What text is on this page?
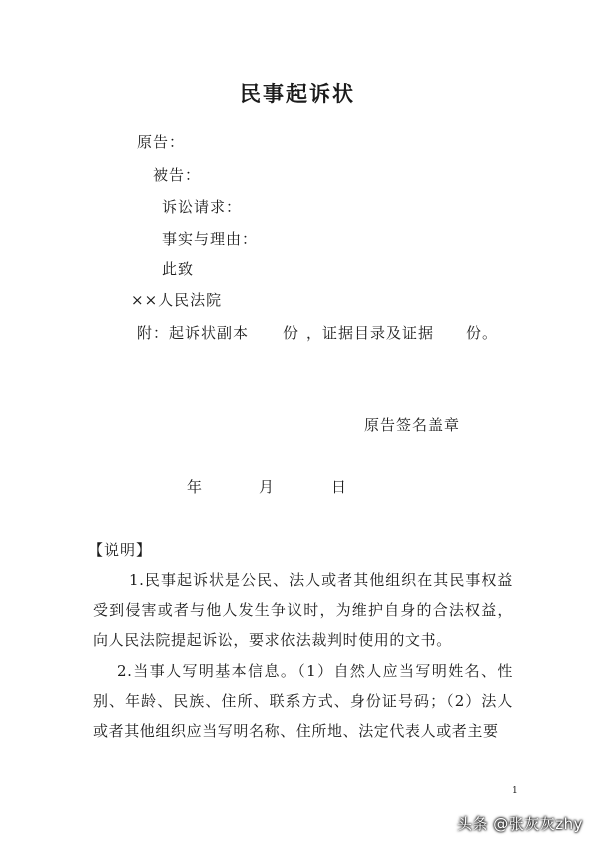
民事起诉状
原告：
被告：
诉讼请求：
事实与理由：
此致
××人民法院
附：起诉状副本 份 ，证据目录及证据 份。
原告签名盖章
年	月	日
【说明】
1.民事起诉状是公民、法人或者其他组织在其民事权益受到侵害或者与他人发生争议时，为维护自身的合法权益，向人民法院提起诉讼，要求依法裁判时使用的文书。
2.当事人写明基本信息。（1）自然人应当写明姓名、性别、年龄、民族、住所、联系方式、身份证号码；（2）法人或者其他组织应当写明名称、住所地、法定代表人或者主要
1
头条 @张灰灰zhy
